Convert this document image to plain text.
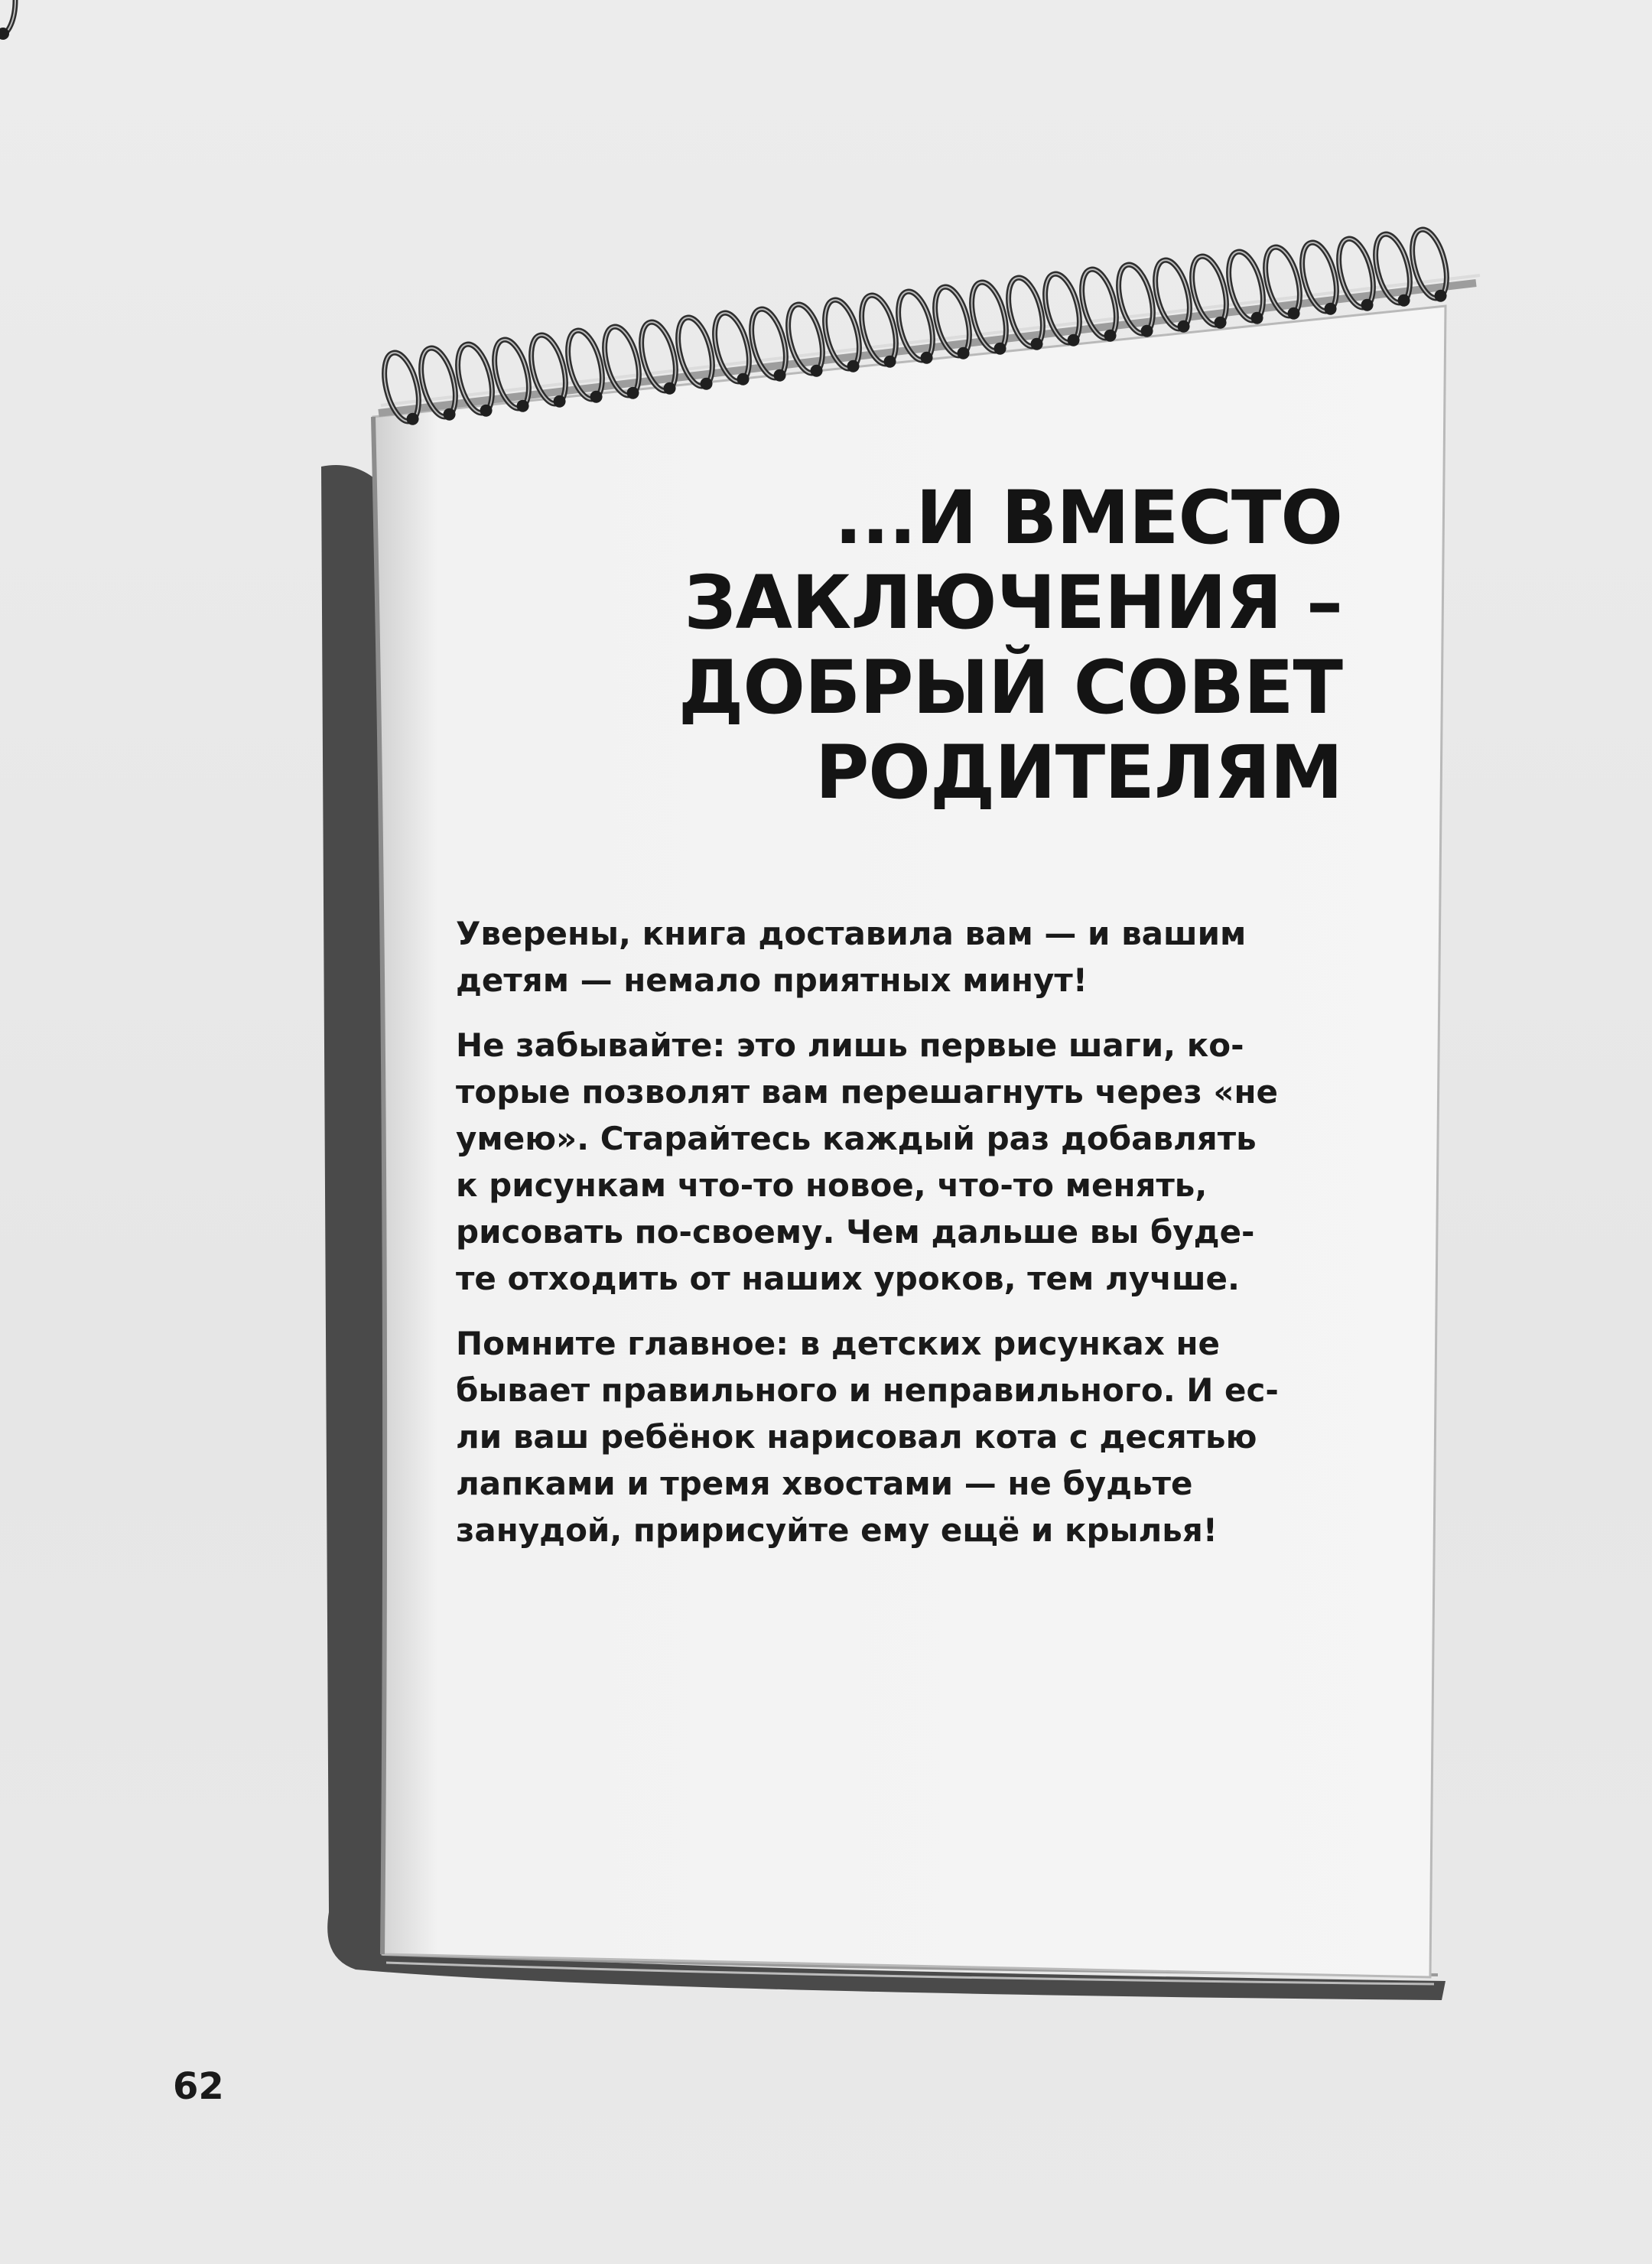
...И ВМЕСТО
ЗАКЛЮЧЕНИЯ –
ДОБРЫЙ СОВЕТ
РОДИТЕЛЯМ

Уверены, книга доставила вам — и вашим
детям — немало приятных минут!

Не забывайте: это лишь первые шаги, ко-
торые позволят вам перешагнуть через «не
умею». Старайтесь каждый раз добавлять
к рисункам что-то новое, что-то менять,
рисовать по-своему. Чем дальше вы буде-
те отходить от наших уроков, тем лучше.

Помните главное: в детских рисунках не
бывает правильного и неправильного. И ес-
ли ваш ребёнок нарисовал кота с десятью
лапками и тремя хвостами — не будьте
занудой, пририсуйте ему ещё и крылья!

62
